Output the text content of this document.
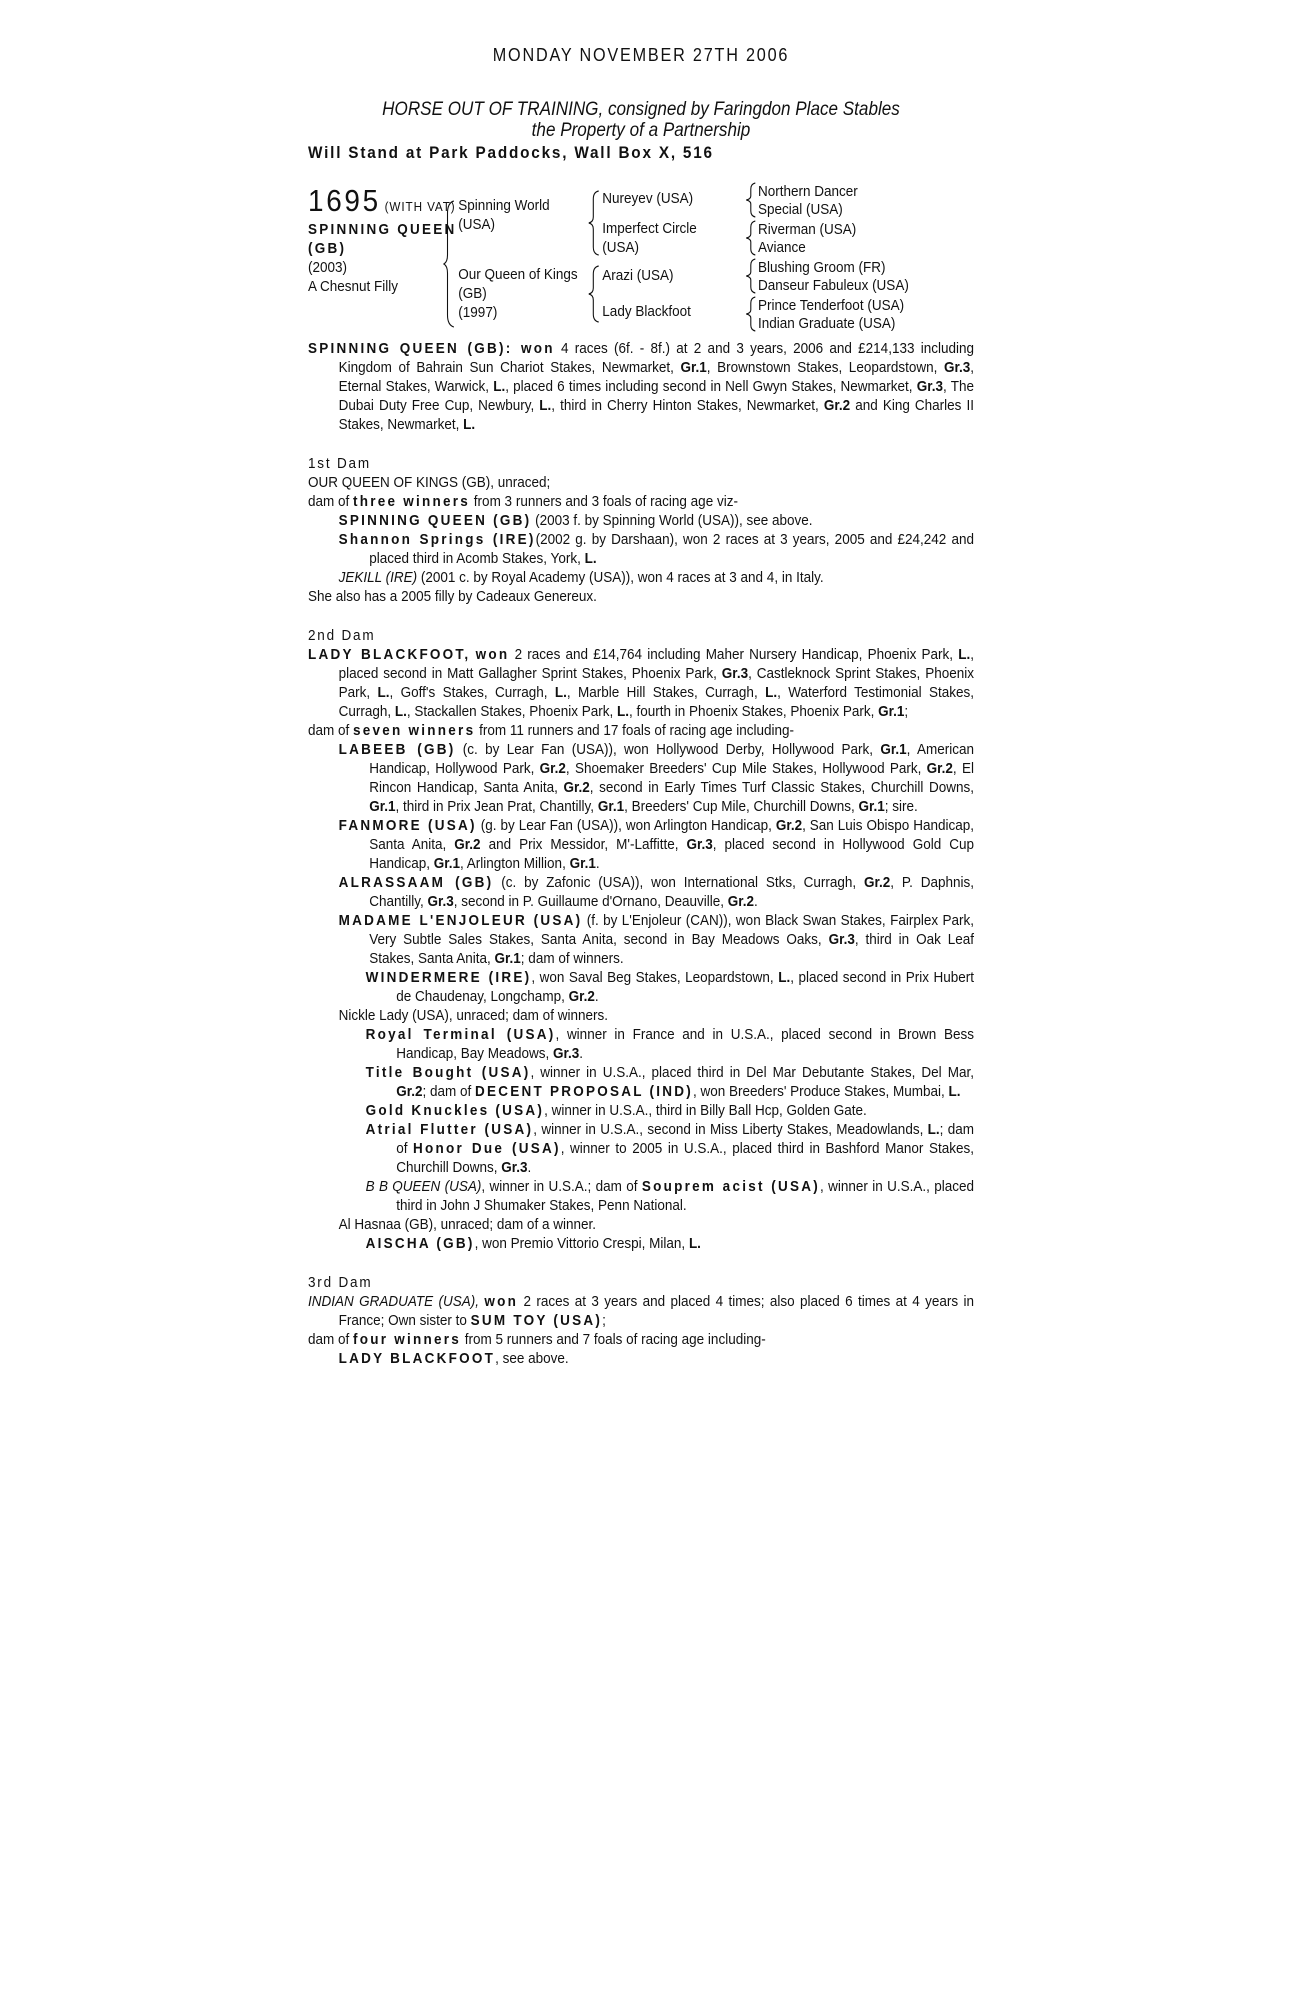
MONDAY NOVEMBER 27TH 2006
HORSE OUT OF TRAINING, consigned by Faringdon Place Stables
the Property of a Partnership
Will Stand at Park Paddocks, Wall Box X, 516
1695 (WITH VAT)
SPINNING QUEEN
(GB)
(2003)
A Chesnut Filly
Spinning World
(USA)
Our Queen of Kings
(GB)
(1997)
Nureyev (USA)
Imperfect Circle
(USA)
Arazi (USA)
Lady Blackfoot
Northern Dancer
Special (USA)
Riverman (USA)
Aviance
Blushing Groom (FR)
Danseur Fabuleux (USA)
Prince Tenderfoot (USA)
Indian Graduate (USA)

SPINNING QUEEN (GB): won 4 races (6f. - 8f.) at 2 and 3 years, 2006 and £214,133 including Kingdom of Bahrain Sun Chariot Stakes, Newmarket, Gr.1, Brownstown Stakes, Leopardstown, Gr.3, Eternal Stakes, Warwick, L., placed 6 times including second in Nell Gwyn Stakes, Newmarket, Gr.3, The Dubai Duty Free Cup, Newbury, L., third in Cherry Hinton Stakes, Newmarket, Gr.2 and King Charles II Stakes, Newmarket, L.

1st Dam

OUR QUEEN OF KINGS (GB), unraced;

dam of three winners from 3 runners and 3 foals of racing age viz-

SPINNING QUEEN (GB) (2003 f. by Spinning World (USA)), see above.

Shannon Springs (IRE)(2002 g. by Darshaan), won 2 races at 3 years, 2005 and £24,242 and placed third in Acomb Stakes, York, L.

JEKILL (IRE) (2001 c. by Royal Academy (USA)), won 4 races at 3 and 4, in Italy.

She also has a 2005 filly by Cadeaux Genereux.

2nd Dam

LADY BLACKFOOT, won 2 races and £14,764 including Maher Nursery Handicap, Phoenix Park, L., placed second in Matt Gallagher Sprint Stakes, Phoenix Park, Gr.3, Castleknock Sprint Stakes, Phoenix Park, L., Goff's Stakes, Curragh, L., Marble Hill Stakes, Curragh, L., Waterford Testimonial Stakes, Curragh, L., Stackallen Stakes, Phoenix Park, L., fourth in Phoenix Stakes, Phoenix Park, Gr.1;

dam of seven winners from 11 runners and 17 foals of racing age including-

LABEEB (GB) (c. by Lear Fan (USA)), won Hollywood Derby, Hollywood Park, Gr.1, American Handicap, Hollywood Park, Gr.2, Shoemaker Breeders' Cup Mile Stakes, Hollywood Park, Gr.2, El Rincon Handicap, Santa Anita, Gr.2, second in Early Times Turf Classic Stakes, Churchill Downs, Gr.1, third in Prix Jean Prat, Chantilly, Gr.1, Breeders' Cup Mile, Churchill Downs, Gr.1; sire.

FANMORE (USA) (g. by Lear Fan (USA)), won Arlington Handicap, Gr.2, San Luis Obispo Handicap, Santa Anita, Gr.2 and Prix Messidor, M'-Laffitte, Gr.3, placed second in Hollywood Gold Cup Handicap, Gr.1, Arlington Million, Gr.1.

ALRASSAAM (GB) (c. by Zafonic (USA)), won International Stks, Curragh, Gr.2, P. Daphnis, Chantilly, Gr.3, second in P. Guillaume d'Ornano, Deauville, Gr.2.

MADAME L'ENJOLEUR (USA) (f. by L'Enjoleur (CAN)), won Black Swan Stakes, Fairplex Park, Very Subtle Sales Stakes, Santa Anita, second in Bay Meadows Oaks, Gr.3, third in Oak Leaf Stakes, Santa Anita, Gr.1; dam of winners.

WINDERMERE (IRE), won Saval Beg Stakes, Leopardstown, L., placed second in Prix Hubert de Chaudenay, Longchamp, Gr.2.

Nickle Lady (USA), unraced; dam of winners.

Royal Terminal (USA), winner in France and in U.S.A., placed second in Brown Bess Handicap, Bay Meadows, Gr.3.

Title Bought (USA), winner in U.S.A., placed third in Del Mar Debutante Stakes, Del Mar, Gr.2; dam of DECENT PROPOSAL (IND), won Breeders' Produce Stakes, Mumbai, L.

Gold Knuckles (USA), winner in U.S.A., third in Billy Ball Hcp, Golden Gate.

Atrial Flutter (USA), winner in U.S.A., second in Miss Liberty Stakes, Meadowlands, L.; dam of Honor Due (USA), winner to 2005 in U.S.A., placed third in Bashford Manor Stakes, Churchill Downs, Gr.3.

B B QUEEN (USA), winner in U.S.A.; dam of Souprem acist (USA), winner in U.S.A., placed third in John J Shumaker Stakes, Penn National.

Al Hasnaa (GB), unraced; dam of a winner.

AISCHA (GB), won Premio Vittorio Crespi, Milan, L.

3rd Dam

INDIAN GRADUATE (USA), won 2 races at 3 years and placed 4 times; also placed 6 times at 4 years in France; Own sister to SUM TOY (USA);

dam of four winners from 5 runners and 7 foals of racing age including-

LADY BLACKFOOT, see above.
